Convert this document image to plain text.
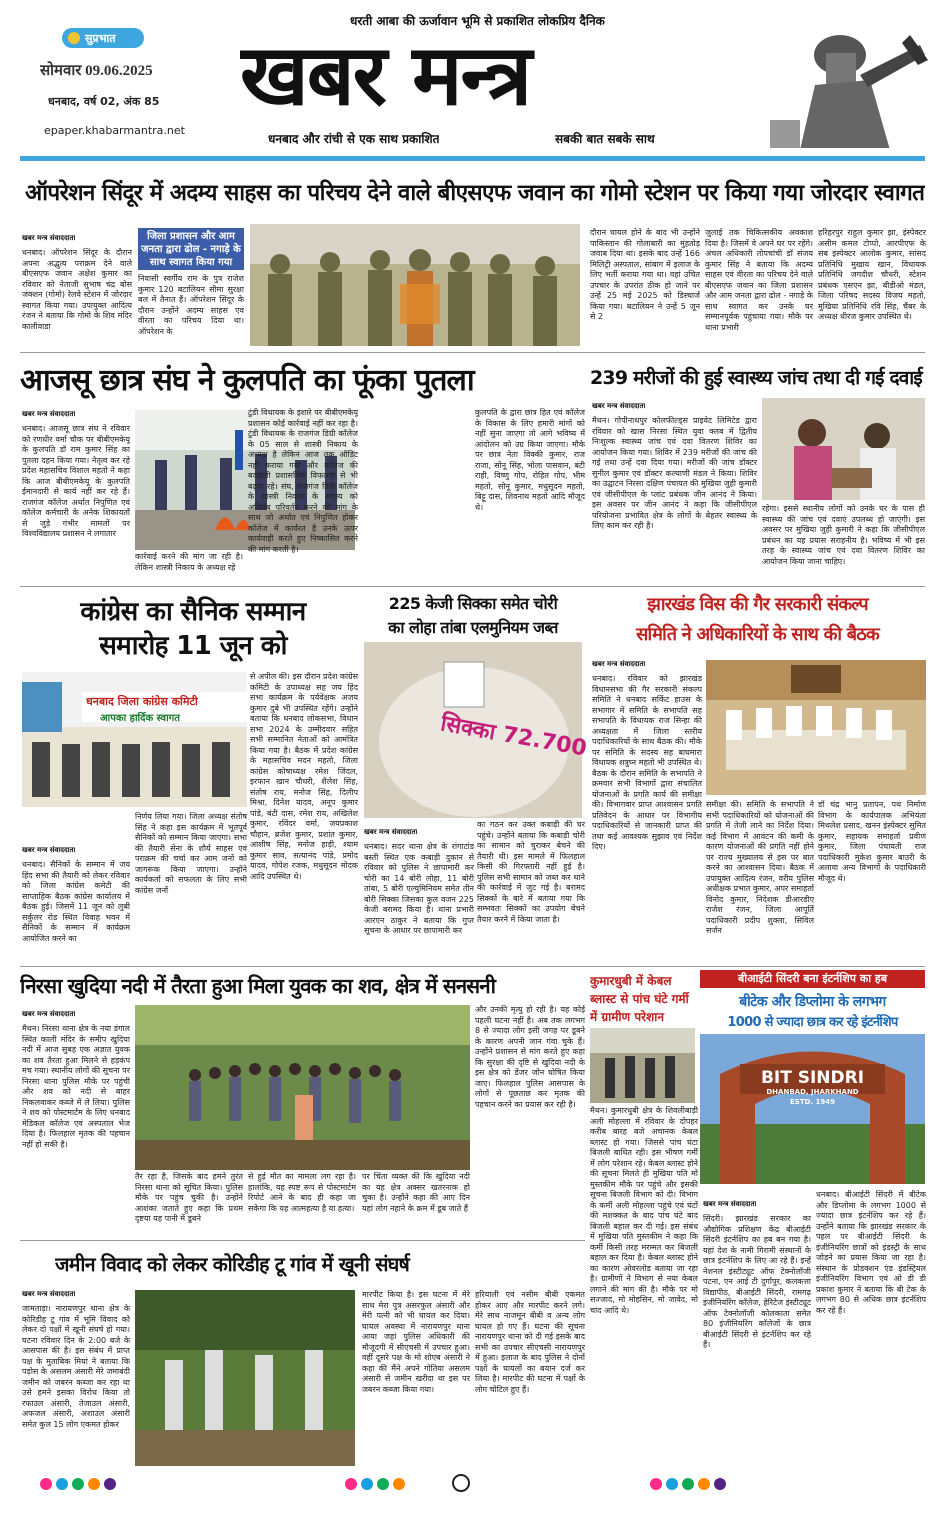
सुप्रभात
सोमवार 09.06.2025
धनबाद, वर्ष 02, अंक 85
epaper.khabarmantra.net
धरती आबा की ऊर्जावान भूमि से प्रकाशित लोकप्रिय दैनिक
खबर मन्त्र
धनबाद और रांची से एक साथ प्रकाशित	सबकी बात सबके साथ
ऑपरेशन सिंदूर में अदम्य साहस का परिचय देने वाले बीएसएफ जवान का गोमो स्टेशन पर किया गया जोरदार स्वागत
खबर मन्त्र संवाददाता
धनबाद। ऑपरेशन सिंदूर के दौरान अपना अद्भुत्य पराक्रम देने वाले बीएसएफ जवान अक्षेश कुमार का रविवार को नेताजी सुभाष चंद्र बोस जंक्शन (गोमो) रेलवे स्टेशन में जोरदार स्वागत किया गया। उपायुक्त आदित्य रंजन ने बताया कि गोमो के शिव मंदिर कालीवाडा
जिला प्रशासन और आम जनता द्वारा ढोल - नगाड़े के साथ स्वागत किया गया
निवासी स्वर्गीय राम के पुत्र राजेश कुमार 120 बटालियन सीमा सुरक्षा बल में तैनात हैं। ऑपरेशन सिंदूर के दौरान उन्होंने अदम्य साहस एवं वीरता का परिचय दिया था। ऑपरेशन के
दौरान घायल होने के बाद भी उन्होंने पाकिस्तान की गोलाबारी का मुंहतोड़ जवाब दिया था। इसके बाद उन्हें 166 मिलिट्री अस्पताल, सांबाग में इलाज के लिए भर्ती कराया गया था। वहां उचित उपचार के उपरांत ठीक हो जाने पर उन्हें 25 मई 2025 को डिस्चार्ज किया गया। बटालियन ने उन्हें 5 जून से 2
जुलाई तक चिकित्सकीय अवकाश दिया है। जिसमें वे अपने घर पर रहेंगे। अंचल अधिकारी तोपचांची डॉ संजय कुमार सिंह ने बताया कि अदम्य साहस एवं वीरता का परिचय देने वाले बीएसएफ जवान का जिला प्रशासन और आम जनता द्वारा ढोल - नगाड़े के साथ स्वागत कर उनके घर सम्मानपूर्वक पहुंचाया गया। मौके पर थाना प्रभारी
हरिहरपुर राहुल कुमार झा, इंस्पेक्टर असीम कमल टोप्पो, आरपीएफ के सब इंस्पेक्टर आलोक कुमार, सांसद प्रतिनिधि मुखाय खान, विधायक प्रतिनिधि जगदीश चौधरी, स्टेशन प्रबंधक एसएन झा, बीडीओ मंडल, जिला परिषद सदस्य विजय महतो, मुखिया प्रतिनिधि रवि सिंह, चैंबर के अध्यक्ष धीरज कुमार उपस्थित थे।
आजसू छात्र संघ ने कुलपति का फूंका पुतला
खबर मन्त्र संवाददाता
धनबाद। आजसू छात्र संघ ने रविवार को रणधीर वर्मा चौक पर बीबीएमकेयू के कुलपति डॉ राम कुमार सिंह का पुतला दहन किया गया। नेतृत्व कर रहे प्रदेश महासचिव विशाल महतो ने कहा कि आज बीबीएमकेयू के कुलपति ईमानदारी से कार्य नहीं कर रहे हैं। राजगंज कॉलेज अर्थात निपुणित एवं कॉलेज कर्मचारी के अनेक शिकायतों से जुड़े गंभीर मामलों पर विश्वविद्यालय प्रशासन ने लगातार
कार्रवाई करने की मांग जा रही है। लेकिन शास्त्री निकाय के अध्यक्ष रहे
टुंडी विधायक के इशारे पर बीबीएमकेयू प्रशासन कोई कार्रवाई नहीं कर रहा है। टुंडी विधायक के राजगंज डिग्री कॉलेज के 05 साल से शास्त्री निकाय के अध्यक्ष है लेकिन आज तक ऑडिट नहीं कराया गया और कॉलेज की बदहाली प्रशासनिक विफलता से भी बढ़ता रहे। संघ, राजगंज डिग्री कॉलेज के शास्त्री निकाय के सदस्य को अविलंब परिवर्तन करने की मांग के साथ जो अर्थात एवं निपुणित होकर कॉलेज में कार्यरत है उनके ऊपर कार्यवाही करते हुए निष्कासित करने की मांग करती है।
कुलपति के द्वारा छात्र हित एवं कॉलेज के विकास के लिए हमारी मांगों को नहीं सुना जाएगा तो आगे भविष्य में आंदोलन को उग्र किया जाएगा। मौके पर छात्र नेता विक्की कुमार, राज राजा, सोनू सिंह, भोला पासवान, बंटी राही, विष्णु गोप, रोहित गोप, भीम महतो, सोनू कुमार, मधुसूदन महतो, बिट्टू दास, शिवनाथ महतो आदि मौजूद थे।
239 मरीजों की हुई स्वास्थ्य जांच तथा दी गई दवाई
खबर मन्त्र संवाददाता
मैथन। गोपीनाथपुर कोलफील्ड्स प्राइवेट लिमिटेड द्वारा रविवार को खास निरसा स्थित युवा क्लब में द्वितीय निःशुल्क स्वास्थ्य जांच एवं दवा वितरण शिविर का आयोजन किया गया। शिविर में 239 मरीजों की जांच की गई तथा उन्हें दवा दिया गया। मरीजों की जांच डॉक्टर सुनील कुमार एवं डॉक्टर कल्याणी मंडल ने किया। शिविर का उद्घाटन निरसा दक्षिण पंचायत की मुखिया जुही कुमारी एवं जीसीपीएल के प्लांट प्रबंधक जीन आनंद ने किया। इस अवसर पर जीन आनंद ने कहा कि जीसीपीएल परियोजना प्रभावित क्षेत्र के लोगों के बेहतर स्वास्थ्य के लिए काम कर रही है।
रहेगा। इससे स्थानीय लोगों को उनके घर के पास ही स्वास्थ्य की जांच एवं दवाएं उपलब्ध हो जाएंगी। इस अवसर पर मुखिया जुही कुमारी ने कहा कि जीसीपीएल प्रबंधन का यह प्रयास सराहनीय है। भविष्य में भी इस तरह के स्वास्थ्य जांच एवं दवा वितरण शिविर का आयोजन किया जाना चाहिए।
कांग्रेस का सैनिक सम्मान
समारोह 11 जून को
धनबाद जिला कांग्रेस कमिटी
आपका हार्दिक स्वागत
खबर मन्त्र संवाददाता
धनबाद। सैनिकों के सम्मान में जय हिंद सभा की तैयारी को लेकर रविवार को जिला कांग्रेस कमेटी की साप्ताहिक बैठक कांग्रेस कार्यालय में बैठक हुई। जिसमें 11 जून को लुबी सर्कुलर रोड स्थित विवाह भवन में सैनिकों के सम्मान में कार्यक्रम आयोजित करने का
निर्णय लिया गया। जिला अध्यक्ष संतोष सिंह ने कहा इस कार्यक्रम में भूतपूर्व सैनिकों को सम्मान किया जाएगा। सभा की तैयारी सेना के शौर्य साहस एवं पराक्रम की चर्चा कर आम जनों को जागरूक किया जाएगा। उन्होंने कार्यकर्ता को सफलता के लिए सभी कांग्रेस जनों
से अपील की। इस दौरान प्रदेश कांग्रेस कमिटी के उपाध्यक्ष सह जय हिंद सभा कार्यक्रम के पर्यवेक्षक अजय कुमार दुबे भी उपस्थित रहेंगे। उन्होंने बताया कि धनबाद लोकसभा, विधान सभा 2024 के उम्मीदवार सहित सभी सम्मानित नेताओं को आमंत्रित किया गया है। बैठक में प्रदेश कांग्रेस के महासचिव मदन महतो, जिला कांग्रेस कोषाध्यक्ष रमेश जिंदल, इरफान खान चौधरी, शैलेश सिंह, संतोष राय, मनोज सिंह, दिलीप मिश्रा, दिनेश यादव, अनूप कुमार पांडे, बंटी दास, रमेश राय, अखिलेश कुमार, रविंदर वर्मा, जयप्रकाश चौहान, ब्रजेश कुमार, प्रशांत कुमार, आशीष सिंह, मनोज हाड़ी, श्याम कुमार साव, सत्यानंद पांडे, प्रमोद यादव, गोपेश रजक, मधुसूदन मोदक आदि उपस्थित थे।
225 केजी सिक्का समेत चोरी
का लोहा तांबा एलमुनियम जब्त
सिक्का 72.700
खबर मन्त्र संवाददाता
धनबाद। सदर थाना क्षेत्र के रांगाटांड बस्ती स्थित एक कबाड़ी दुकान से रविवार को पुलिस ने छापामारी कर चोरी का 14 बोरी लोहा, 11 बोरी तांबा, 5 बोरी एल्युमिनियम समेत तीन बोरी सिक्का जिसका कुल वजन 225 केजी बरामद किया है। थाना प्रभारी आरएन ठाकुर ने बताया कि गुप्त सूचना के आधार पर छापामारी कर
का गठन कर उक्त कबाड़ी की घर पहुंचे। उन्होंने बताया कि कबाड़ी चोरी का सामान को चुराकर बेचने की तैयारी थी। इस मामले में फिलहाल किसी की गिरफ्तारी नहीं हुई है। पुलिस सभी सामान को जब्त कर थाने की कार्रवाई में जुट गई है। बरामद सिक्कों के बारे में बताया गया कि सम्भवतः सिक्कों का उपयोग बेचने तैयार करने में किया जाता है।
झारखंड विस की गैर सरकारी संकल्प
समिति ने अधिकारियों के साथ की बैठक
खबर मन्त्र संवाददाता
धनबाद। रविवार को झारखंड विधानसभा की गैर सरकारी संकल्प समिति ने धनबाद सर्किट हाउस के सभागार में समिति के सभापति सह सभापति के विधायक राज सिन्हा की अध्यक्षता में जिला स्तरीय पदाधिकारियों के साथ बैठक की। मौके पर समिति के सदस्य सह बाघमारा विधायक शत्रुघ्न महतो भी उपस्थित थे। बैठक के दौरान समिति के सभापति ने क्रमवार सभी विभागों द्वारा संचालित योजनाओं के प्रगति कार्य की समीक्षा की। विभागवार प्राप्त आश्वासन प्रगति प्रतिवेदन के आधार पर विभागीय पदाधिकारियों से जानकारी प्राप्त की तथा कई आवश्यक सुझाव एवं निर्देश दिए।
समीक्षा की। समिति के सभापति ने सभी पदाधिकारियों को योजनाओं की प्रगति में तेजी लाने का निर्देश दिया। कई विभाग में आवंटन की कमी के कारण योजनाओं की प्रगति नहीं होने पर राज्य मुख्यालय से इस पर बात करने का आश्वासन दिया। बैठक में उपायुक्त आदित्य रंजन, वरीय पुलिस अधीक्षक प्रभात कुमार, अपर समाहर्ता विनोद कुमार, निदेशक डीआरडीए राजेश रंजन, जिला आपूर्ति पदाधिकारी प्रदीप शुक्ला, सिविल सर्जन
डॉ चंद्र भानु प्रतापन, पथ निर्माण विभाग के कार्यपालक अभियंता मिथलेश प्रसाद, खनन इंस्पेक्टर सुमित कुमार, सहायक समाहर्ता प्रवीण कुमार, जिला पंचायती राज पदाधिकारी मुकेश कुमार बाउरी के अलावा अन्य विभागों के पदाधिकारी मौजूद थे।
निरसा खुदिया नदी में तैरता हुआ मिला युवक का शव, क्षेत्र में सनसनी
खबर मन्त्र संवाददाता
मैथन। निरसा थाना क्षेत्र के नया डंगाल स्थित काली मंदिर के समीप खुदिया नदी में आज सुबह एक अज्ञात युवक का शव तैरता हुआ मिलने से हड़कंप मच गया। स्थानीय लोगों की सूचना पर निरसा थाना पुलिस मौके पर पहुंची और शव को नदी से बाहर निकलवाकर कब्जे में ले लिया। पुलिस ने शव को पोस्टमार्टम के लिए धनबाद मेडिकल कॉलेज एवं अस्पताल भेज दिया है। फिलहाल मृतक की पहचान नहीं हो सकी है।
तैर रहा है, जिसके बाद हमने तुरंत निरसा थाना को सूचित किया। पुलिस मौके पर पहुंच चुकी है। उन्होंने आशंका जताते हुए कहा कि प्रथम दृष्टया यह पानी में डूबने
से हुई मौत का मामला लग रहा है। हालांकि, यह स्पष्ट रूप से पोस्टमार्टम रिपोर्ट आने के बाद ही कहा जा सकेगा कि यह आत्महत्या है या हत्या।
पर चिंता व्यक्त की कि खुदिया नदी का यह क्षेत्र अक्सर खतरनाक हो चुका है। उन्होंने कहा की आए दिन यहां लोग नहाने के क्रम में डूब जाते हैं
और उनकी मृत्यु हो रही है। यह कोई पहली घटना नहीं है। अब तक लगभग 8 से ज्यादा लोग इसी जगह पर डूबने के कारण अपनी जान गंवा चुके हैं। उन्होंने प्रशासन से मांग करते हुए कहा कि सुरक्षा की दृष्टि से खुदिया नदी के इस क्षेत्र को डेंजर जोन घोषित किया जाए। फिलहाल पुलिस आसपास के लोगों से पूछताछ कर मृतक की पहचान करने का प्रयास कर रही है।
कुमारधुबी में केबल
ब्लास्ट से पांच घंटे गर्मी
में ग्रामीण परेशान
मैथन। कुमारधुबी क्षेत्र के शिवलीबाड़ी अली मोहल्ला में रविवार के दोपहर करीब बारह बजे अचानक केबल ब्लास्ट हो गया। जिससे पांच घंटा बिजली बाधित रही। इस भीषण गर्मी में लोग परेशान रहे। केबल ब्लास्ट होने की सूचना मिलते ही मुखिया पति मो मुस्तकीम मौके पर पहुंचे और इसकी सूचना बिजली विभाग को दी। विभाग के कर्मी अली मोहल्ला पहुंचे एवं घंटों की मशक्कत के बाद पांच घंटे बाद बिजली बहाल कर दी गई। इस संबंध में मुखिया पति मुस्तकीम ने कहा कि कर्मी किसी तरह मरम्मत कर बिजली बहाल कर दिया है। केबल ब्लास्ट होने का कारण ओवरलोड बताया जा रहा है। ग्रामीणों ने विभाग से नया केबल लगाने की मांग की है। मौके पर मो सज्जाद, मो मोहसिन, मो जावेद, मो चांद आदि थे।
बीआईटी सिंदरी बना इंटर्नशिप का हब
बीटेक और डिप्लोमा के लगभग
1000 से ज्यादा छात्र कर रहे इंटर्नशिप
BIT SINDRI
DHANBAD, JHARKHAND
ESTD. 1949
खबर मन्त्र संवाददाता
सिंदरी। झारखंड सरकार का औद्योगिक प्रशिक्षण केंद्र बीआईटी सिंदरी इंटर्नशिप का हब बन गया है। यहां देश के नामी गिरामी संस्थानों के छात्र इंटर्नशिप के लिए आ रहे हैं। इन्हें नेशनल इंस्टीट्यूट ऑफ टेक्नोलॉजी पटना, एन आई टी दुर्गापुर, कलकत्ता विद्यापीठ, बीआईटी सिंदरी, रामगढ़ इंजीनियरिंग कॉलेज, हेरिटेज इंस्टीट्यूट ऑफ टेक्नोलॉजी कोलकाता समेत 80 इंजीनियरिंग कॉलेजों के छात्र बीआईटी सिंदरी से इंटर्नशिप कर रहे हैं।
धनबाद। बीआईटी सिंदरी में बीटेक और डिप्लोमा के लगभग 1000 से ज्यादा छात्र इंटर्नशिप कर रहे हैं। उन्होंने बताया कि झारखंड सरकार के पहल पर बीआईटी सिंदरी के इंजीनियरिंग छात्रों को इंडस्ट्री के साथ जोड़ने का प्रयास किया जा रहा है। संस्थान के प्रोडक्शन एंड इंडस्ट्रियल इंजीनियरिंग विभाग एवं ओ डी डी प्रकाश कुमार ने बताया कि बी टेक के लगभग 80 से अधिक छात्र इंटर्नशिप कर रहे हैं।
जमीन विवाद को लेकर कोरिडीह टू गांव में खूनी संघर्ष
खबर मन्त्र संवाददाता
जामताड़ा। नारायणपुर थाना क्षेत्र के कोरिडीह टू गांव में भूमि विवाद को लेकर दो पक्षों में खूनी संघर्ष हो गया। घटना रविवार दिन के 2:00 बजे के आसपास की है। इस संबंध में प्राप्त पक्ष के मुताबिक मियां ने बताया कि पड़ोस के असलम अंसारी मेरे जमाबंदी जमीन को जबरन कब्जा कर रहा था उसे हमने इसका विरोध किया तो रफाउल अंसारी, तेजाउल अंसारी, अफजल अंसारी, अशाउल अंसारी समेत कुल 15 लोग एकमत होकर
मारपीट किया है। इस घटना में मेरे साथ मेरा पुत्र असरफुल अंसारी और मेरी पत्नी को भी घायल कर दिया। घायल अवस्था में नारायणपुर थाना आया जहां पुलिस अधिकारी की मौजूदगी में सीएचसी में उपचार हुआ। वहीं दूसरे पक्ष के मो शोएब अंसारी ने कहा की मैंने अपने गोतिया असलम अंसारी से जमीन खरीदा था इस पर जबरन कब्जा किया गया।
हरियाली एवं नसीम बीबी एकमत होकर आए और मारपीट करने लगे। मेरे साथ नाजमून बीबी व अन्य लोग घायल हो गए हैं। घटना की सूचना नारायणपुर थाना को दी गई इसके बाद सभी का उपचार सीएचसी नारायणपुर में हुआ। इलाज के बाद पुलिस ने दोनों पक्षों के घायलों का बयान दर्ज कर लिया है। मारपीट की घटना में पक्षों के लोग चोटिल हुए हैं।
